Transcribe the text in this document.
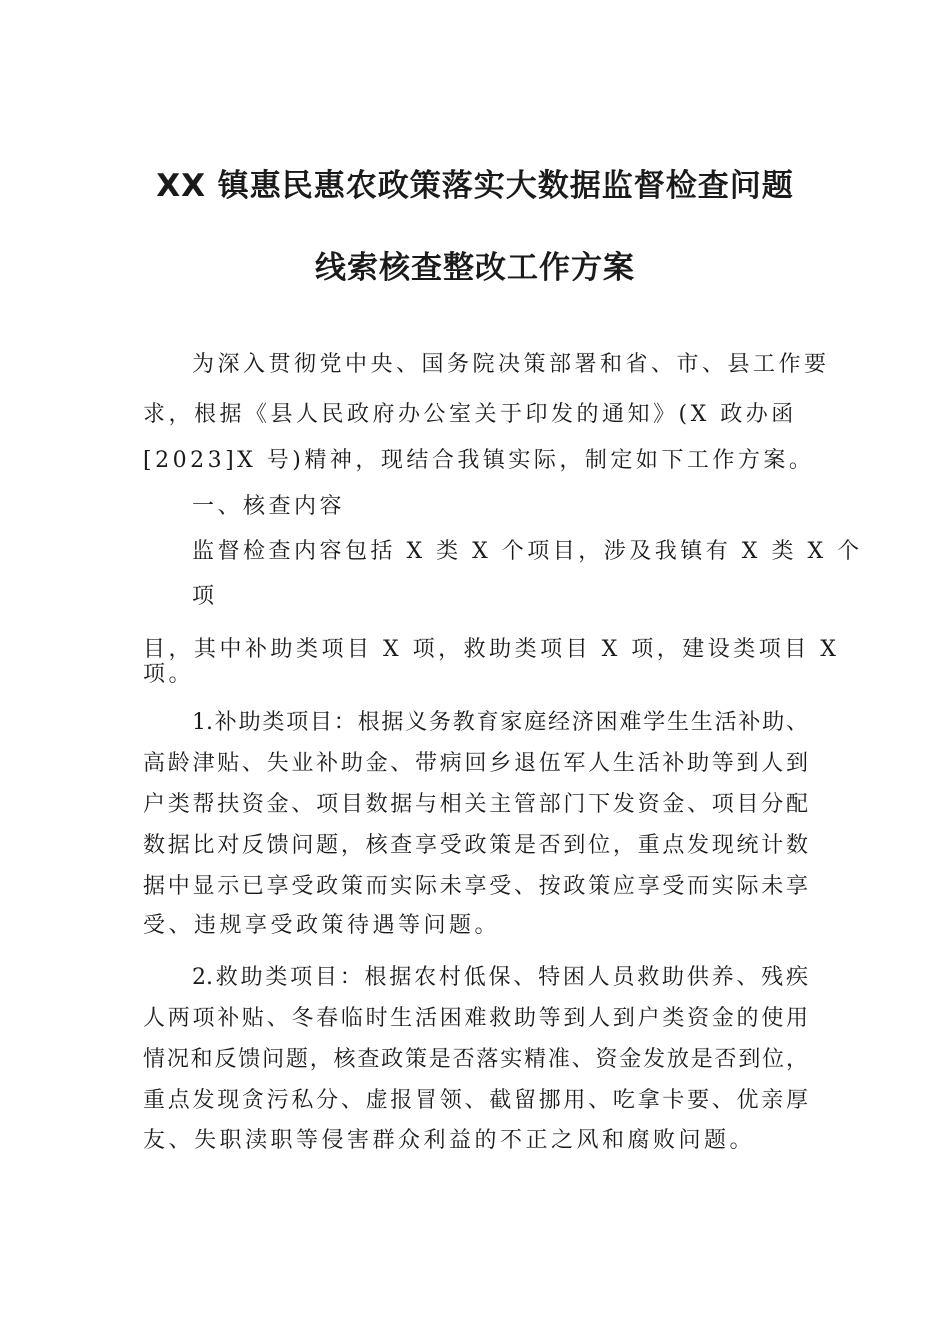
XX 镇惠民惠农政策落实大数据监督检查问题
线索核查整改工作方案
为深入贯彻党中央、国务院决策部署和省、市、县工作要
求，根据《县人民政府办公室关于印发的通知》(X 政办函
[2023]X 号)精神，现结合我镇实际，制定如下工作方案。
一、核查内容
监督检查内容包括 X 类 X 个项目，涉及我镇有 X 类 X 个
项
目，其中补助类项目 X 项，救助类项目 X 项，建设类项目 X
项。
1.补助类项目：根据义务教育家庭经济困难学生生活补助、
高龄津贴、失业补助金、带病回乡退伍军人生活补助等到人到
户类帮扶资金、项目数据与相关主管部门下发资金、项目分配
数据比对反馈问题，核查享受政策是否到位，重点发现统计数
据中显示已享受政策而实际未享受、按政策应享受而实际未享
受、违规享受政策待遇等问题。
2.救助类项目：根据农村低保、特困人员救助供养、残疾
人两项补贴、冬春临时生活困难救助等到人到户类资金的使用
情况和反馈问题，核查政策是否落实精准、资金发放是否到位，
重点发现贪污私分、虚报冒领、截留挪用、吃拿卡要、优亲厚
友、失职渎职等侵害群众利益的不正之风和腐败问题。
